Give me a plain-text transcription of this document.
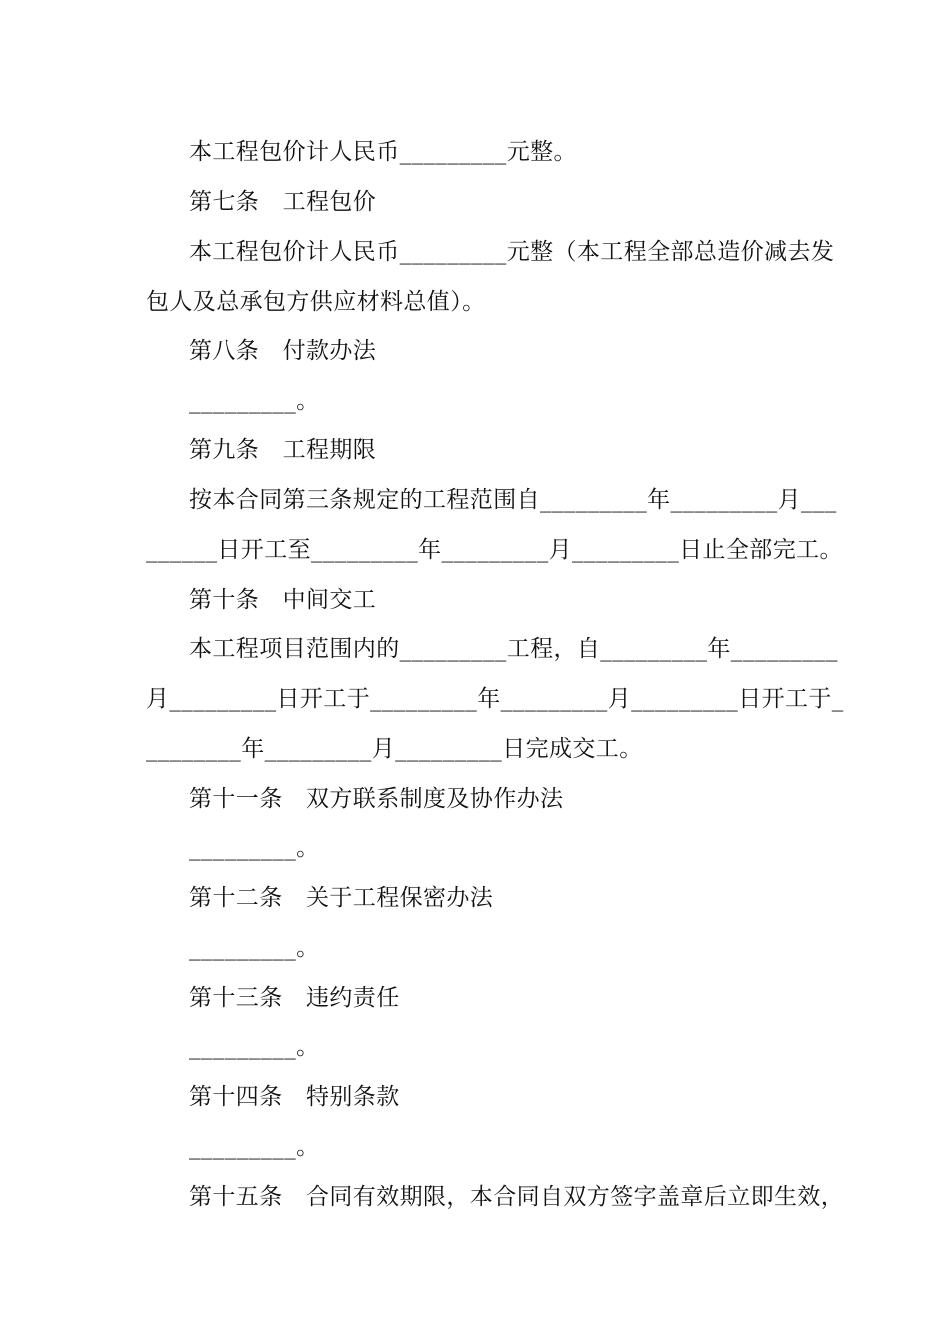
本工程包价计人民币_________元整。
第七条　工程包价
本工程包价计人民币_________元整（本工程全部总造价减去发
包人及总承包方供应材料总值）。
第八条　付款办法
_________。
第九条　工程期限
按本合同第三条规定的工程范围自_________年_________月___
______日开工至_________年_________月_________日止全部完工。
第十条　中间交工
本工程项目范围内的_________工程，自_________年_________
月_________日开工于_________年_________月_________日开工于_
________年_________月_________日完成交工。
第十一条　双方联系制度及协作办法
_________。
第十二条　关于工程保密办法
_________。
第十三条　违约责任
_________。
第十四条　特别条款
_________。
第十五条　合同有效期限，本合同自双方签字盖章后立即生效，
